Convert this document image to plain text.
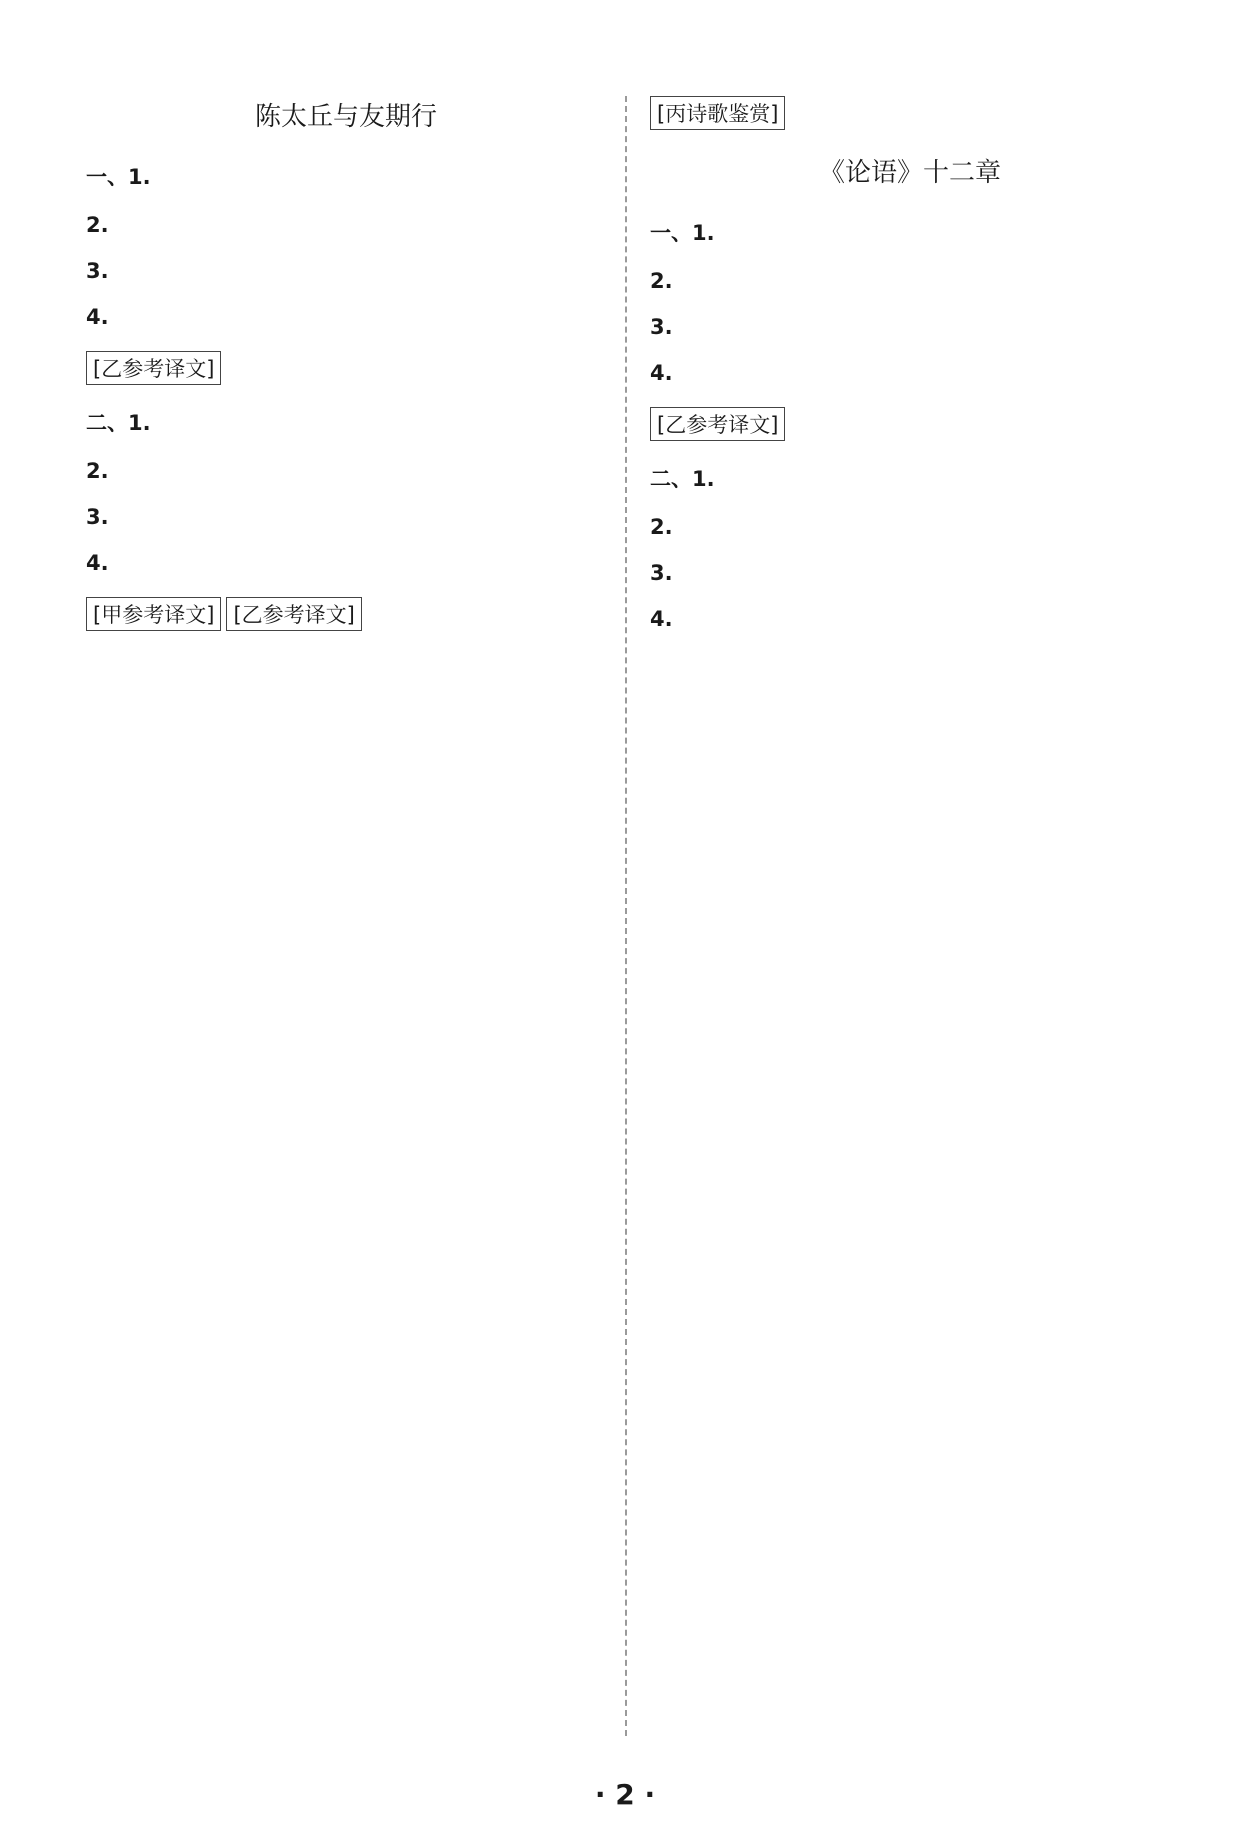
陈太丘与友期行
一、1.
2.
3.
4.
[乙参考译文]
二、1.
2.
3.
4.
[甲参考译文] [乙参考译文]
[丙诗歌鉴赏]
《论语》十二章
一、1.
2.
3.
4.
[乙参考译文]
二、1.
2.
3.
4.
· 2 ·
